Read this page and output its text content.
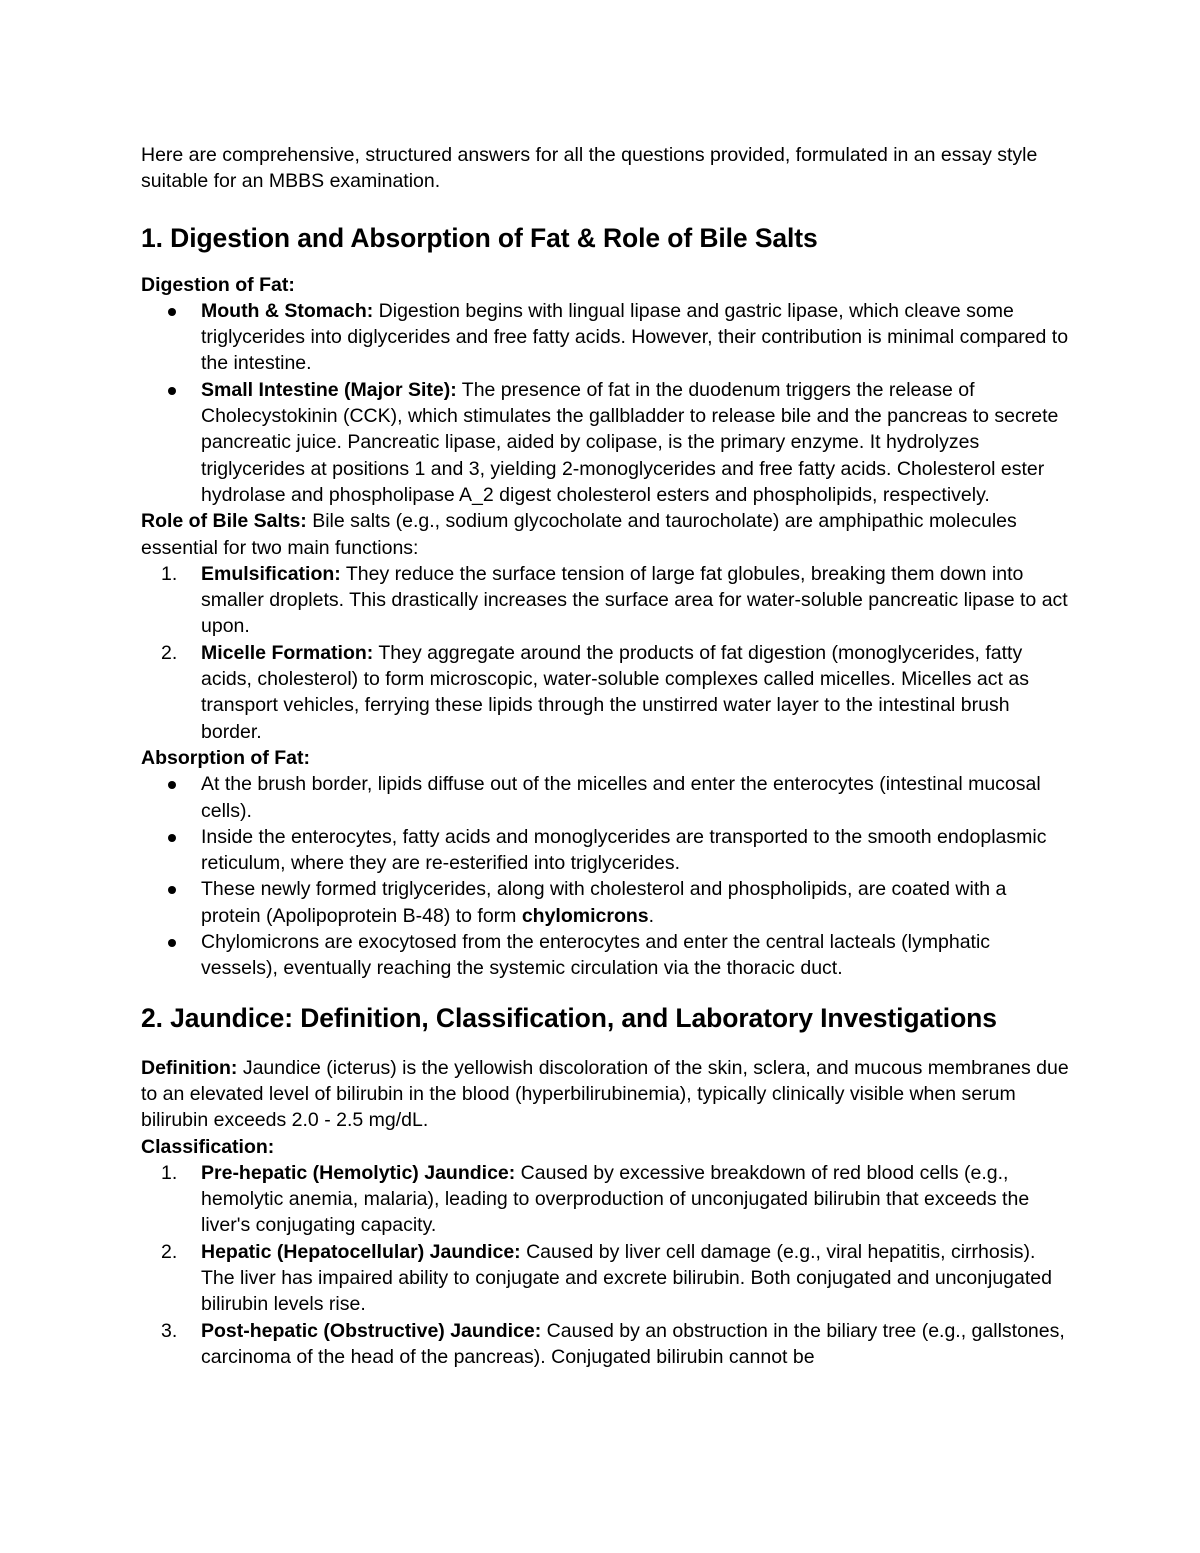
Here are comprehensive, structured answers for all the questions provided, formulated in an essay style suitable for an MBBS examination.

1. Digestion and Absorption of Fat & Role of Bile Salts

Digestion of Fat:

Mouth & Stomach: Digestion begins with lingual lipase and gastric lipase, which cleave some triglycerides into diglycerides and free fatty acids. However, their contribution is minimal compared to the intestine.
Small Intestine (Major Site): The presence of fat in the duodenum triggers the release of Cholecystokinin (CCK), which stimulates the gallbladder to release bile and the pancreas to secrete pancreatic juice. Pancreatic lipase, aided by colipase, is the primary enzyme. It hydrolyzes triglycerides at positions 1 and 3, yielding 2-monoglycerides and free fatty acids. Cholesterol ester hydrolase and phospholipase A_2 digest cholesterol esters and phospholipids, respectively.

Role of Bile Salts: Bile salts (e.g., sodium glycocholate and taurocholate) are amphipathic molecules essential for two main functions:

1.	Emulsification: They reduce the surface tension of large fat globules, breaking them down into smaller droplets. This drastically increases the surface area for water-soluble pancreatic lipase to act upon.
2.	Micelle Formation: They aggregate around the products of fat digestion (monoglycerides, fatty acids, cholesterol) to form microscopic, water-soluble complexes called micelles. Micelles act as transport vehicles, ferrying these lipids through the unstirred water layer to the intestinal brush border.

Absorption of Fat:

At the brush border, lipids diffuse out of the micelles and enter the enterocytes (intestinal mucosal cells).
Inside the enterocytes, fatty acids and monoglycerides are transported to the smooth endoplasmic reticulum, where they are re-esterified into triglycerides.
These newly formed triglycerides, along with cholesterol and phospholipids, are coated with a protein (Apolipoprotein B-48) to form chylomicrons.
Chylomicrons are exocytosed from the enterocytes and enter the central lacteals (lymphatic vessels), eventually reaching the systemic circulation via the thoracic duct.
2. Jaundice: Definition, Classification, and Laboratory Investigations

Definition: Jaundice (icterus) is the yellowish discoloration of the skin, sclera, and mucous membranes due to an elevated level of bilirubin in the blood (hyperbilirubinemia), typically clinically visible when serum bilirubin exceeds 2.0 - 2.5 mg/dL.

Classification:

1.	Pre-hepatic (Hemolytic) Jaundice: Caused by excessive breakdown of red blood cells (e.g., hemolytic anemia, malaria), leading to overproduction of unconjugated bilirubin that exceeds the liver's conjugating capacity.
2.	Hepatic (Hepatocellular) Jaundice: Caused by liver cell damage (e.g., viral hepatitis, cirrhosis). The liver has impaired ability to conjugate and excrete bilirubin. Both conjugated and unconjugated bilirubin levels rise.
3.	Post-hepatic (Obstructive) Jaundice: Caused by an obstruction in the biliary tree (e.g., gallstones, carcinoma of the head of the pancreas). Conjugated bilirubin cannot be
